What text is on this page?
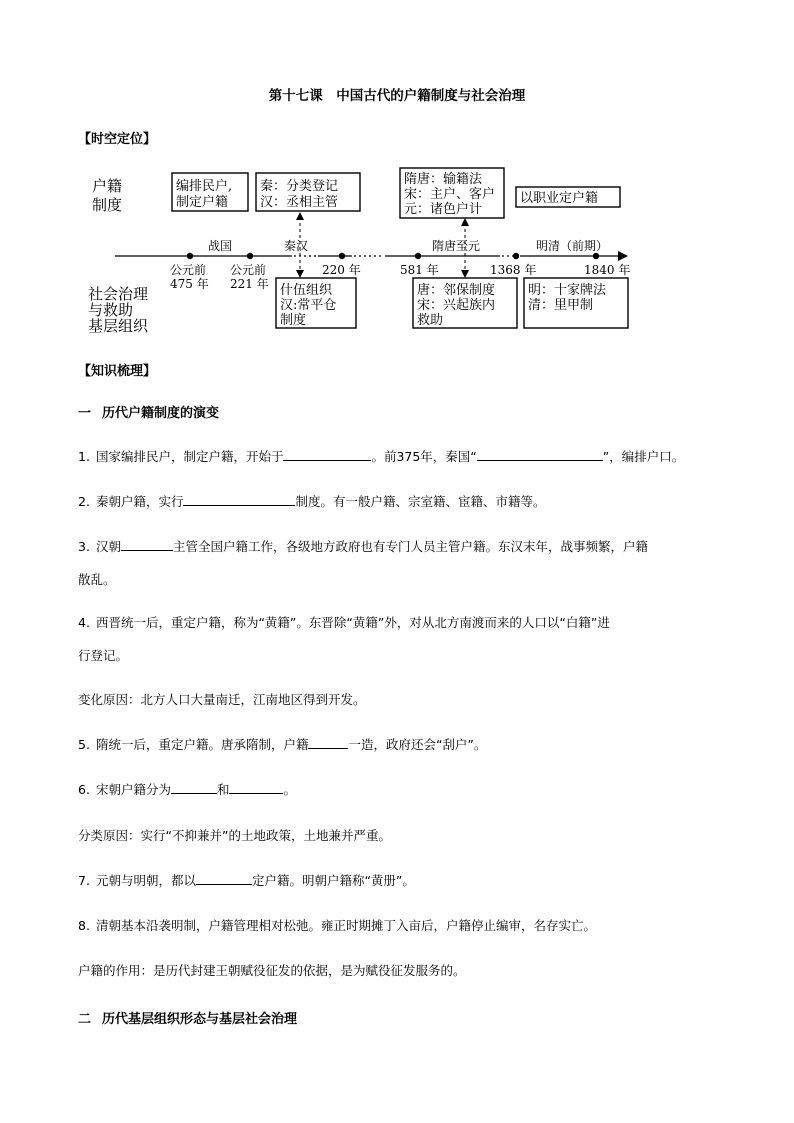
第十七课　中国古代的户籍制度与社会治理
【时空定位】
户籍
制度
社会治理
与救助
基层组织
编排民户,
制定户籍
秦：分类登记
汉：丞相主管
隋唐：输籍法
宋：主户、客户
元：诸色户计
以职业定户籍
什伍组织
汉:常平仓
制度
唐：邻保制度
宋：兴起族内
救助
明：十家牌法
清：里甲制
战国	秦汉	隋唐至元	明清（前期）
公元前
475 年
公元前
221 年
220 年	581 年	1368 年	1840 年
【知识梳理】
一 历代户籍制度的演变
1. 国家编排民户，制定户籍，开始于	。前375年，秦国“	”，编排户口。
2. 秦朝户籍，实行	制度。有一般户籍、宗室籍、宦籍、市籍等。
3. 汉朝	主管全国户籍工作，各级地方政府也有专门人员主管户籍。东汉末年，战事频繁，户籍
散乱。
4. 西晋统一后，重定户籍，称为“黄籍”。东晋除“黄籍”外，对从北方南渡而来的人口以“白籍”进
行登记。
变化原因：北方人口大量南迁，江南地区得到开发。
5. 隋统一后，重定户籍。唐承隋制，户籍	一造，政府还会“刮户”。
6. 宋朝户籍分为	和	。
分类原因：实行“不抑兼并”的土地政策，土地兼并严重。
7. 元朝与明朝，都以	定户籍。明朝户籍称“黄册”。
8. 清朝基本沿袭明制，户籍管理相对松弛。雍正时期摊丁入亩后，户籍停止编审，名存实亡。
户籍的作用：是历代封建王朝赋役征发的依据，是为赋役征发服务的。
二 历代基层组织形态与基层社会治理
